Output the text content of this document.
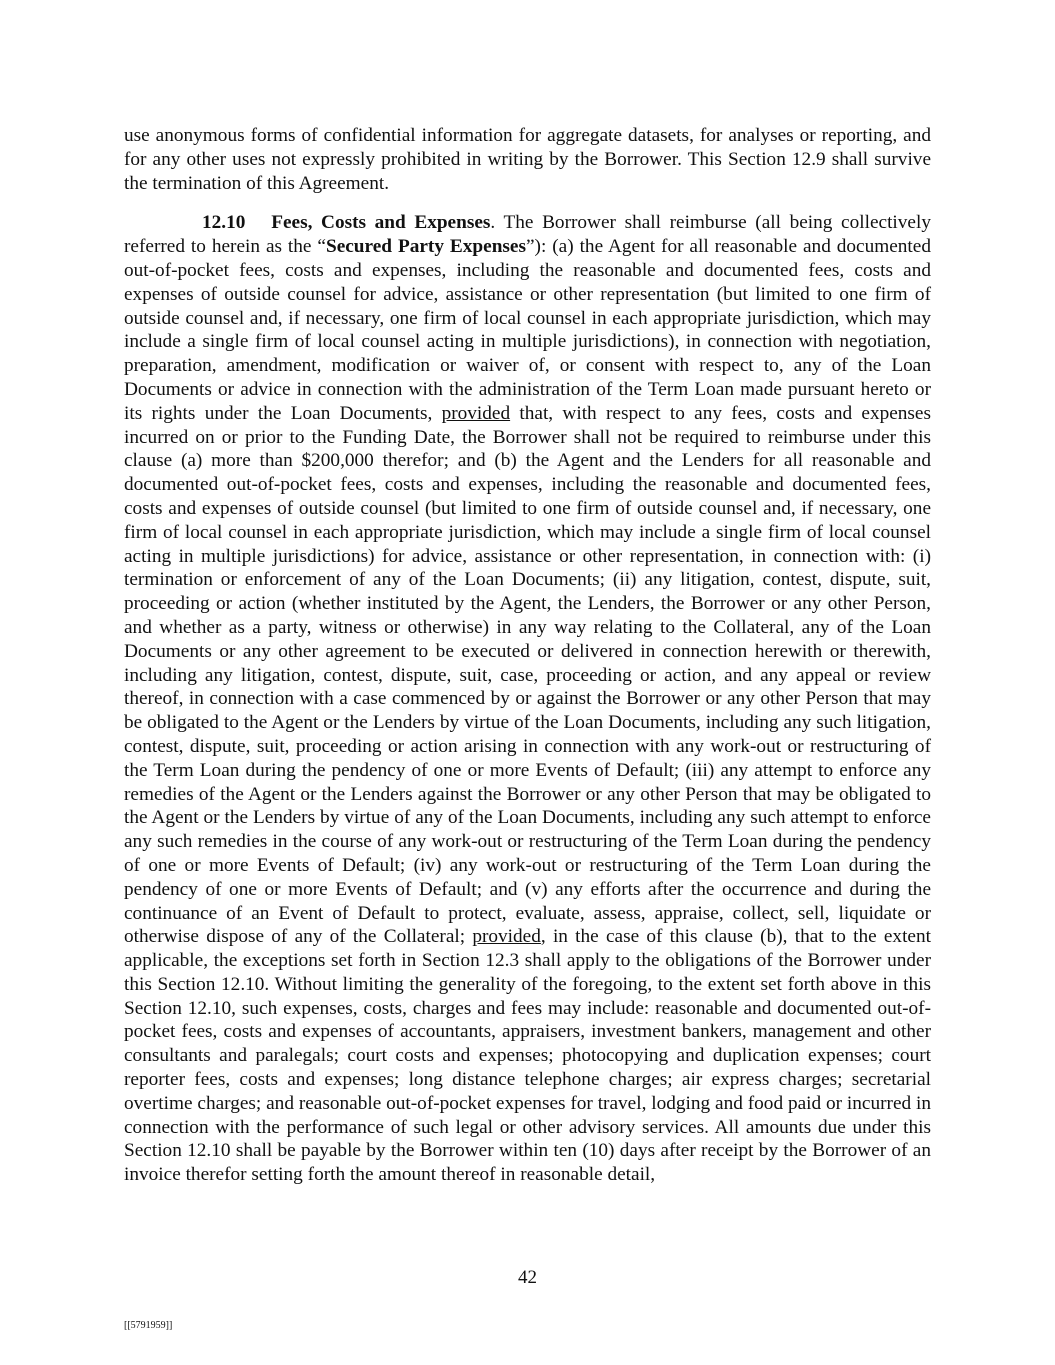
use anonymous forms of confidential information for aggregate datasets, for analyses or reporting, and for any other uses not expressly prohibited in writing by the Borrower. This Section 12.9 shall survive the termination of this Agreement.

12.10 Fees, Costs and Expenses. The Borrower shall reimburse (all being collectively referred to herein as the “Secured Party Expenses”): (a) the Agent for all reasonable and documented out-of-pocket fees, costs and expenses, including the reasonable and documented fees, costs and expenses of outside counsel for advice, assistance or other representation (but limited to one firm of outside counsel and, if necessary, one firm of local counsel in each appropriate jurisdiction, which may include a single firm of local counsel acting in multiple jurisdictions), in connection with negotiation, preparation, amendment, modification or waiver of, or consent with respect to, any of the Loan Documents or advice in connection with the administration of the Term Loan made pursuant hereto or its rights under the Loan Documents, provided that, with respect to any fees, costs and expenses incurred on or prior to the Funding Date, the Borrower shall not be required to reimburse under this clause (a) more than $200,000 therefor; and (b) the Agent and the Lenders for all reasonable and documented out-of-pocket fees, costs and expenses, including the reasonable and documented fees, costs and expenses of outside counsel (but limited to one firm of outside counsel and, if necessary, one firm of local counsel in each appropriate jurisdiction, which may include a single firm of local counsel acting in multiple jurisdictions) for advice, assistance or other representation, in connection with: (i) termination or enforcement of any of the Loan Documents; (ii) any litigation, contest, dispute, suit, proceeding or action (whether instituted by the Agent, the Lenders, the Borrower or any other Person, and whether as a party, witness or otherwise) in any way relating to the Collateral, any of the Loan Documents or any other agreement to be executed or delivered in connection herewith or therewith, including any litigation, contest, dispute, suit, case, proceeding or action, and any appeal or review thereof, in connection with a case commenced by or against the Borrower or any other Person that may be obligated to the Agent or the Lenders by virtue of the Loan Documents, including any such litigation, contest, dispute, suit, proceeding or action arising in connection with any work-out or restructuring of the Term Loan during the pendency of one or more Events of Default; (iii) any attempt to enforce any remedies of the Agent or the Lenders against the Borrower or any other Person that may be obligated to the Agent or the Lenders by virtue of any of the Loan Documents, including any such attempt to enforce any such remedies in the course of any work-out or restructuring of the Term Loan during the pendency of one or more Events of Default; (iv) any work-out or restructuring of the Term Loan during the pendency of one or more Events of Default; and (v) any efforts after the occurrence and during the continuance of an Event of Default to protect, evaluate, assess, appraise, collect, sell, liquidate or otherwise dispose of any of the Collateral; provided, in the case of this clause (b), that to the extent applicable, the exceptions set forth in Section 12.3 shall apply to the obligations of the Borrower under this Section 12.10. Without limiting the generality of the foregoing, to the extent set forth above in this Section 12.10, such expenses, costs, charges and fees may include: reasonable and documented out-of-pocket fees, costs and expenses of accountants, appraisers, investment bankers, management and other consultants and paralegals; court costs and expenses; photocopying and duplication expenses; court reporter fees, costs and expenses; long distance telephone charges; air express charges; secretarial overtime charges; and reasonable out-of-pocket expenses for travel, lodging and food paid or incurred in connection with the performance of such legal or other advisory services. All amounts due under this Section 12.10 shall be payable by the Borrower within ten (10) days after receipt by the Borrower of an invoice therefor setting forth the amount thereof in reasonable detail,

42
[[5791959]]
